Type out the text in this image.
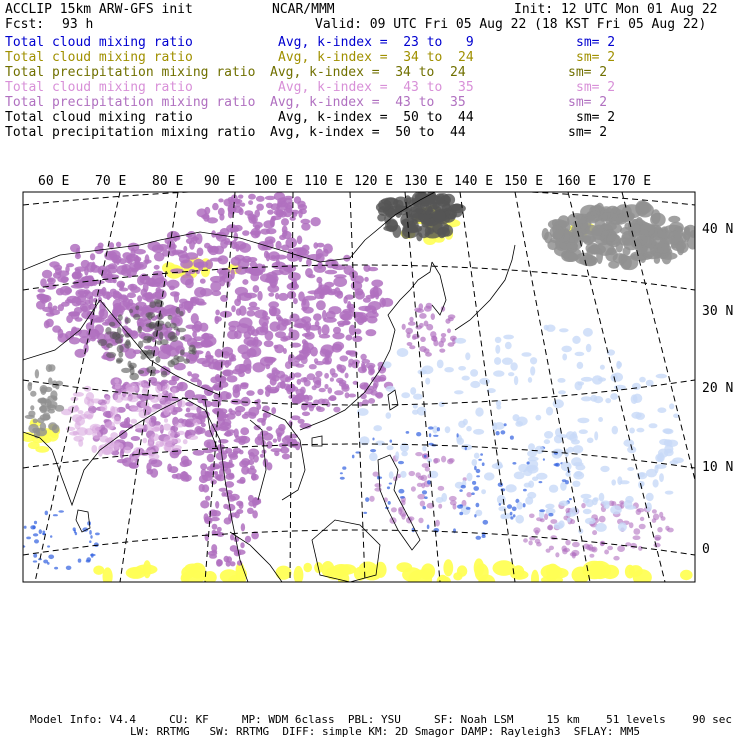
ACCLIP 15km ARW-GFS init	NCAR/MMM	Init: 12 UTC Mon 01 Aug 22
Fcst: 93 h	Valid: 09 UTC Fri 05 Aug 22 (18 KST Fri 05 Aug 22)
Total cloud mixing ratio	Avg, k-index =  23 to   9	sm= 2
Total cloud mixing ratio	Avg, k-index =  34 to  24	sm= 2
Total precipitation mixing ratio Avg, k-index =  34 to  24	sm= 2
Total cloud mixing ratio	Avg, k-index =  43 to  35	sm= 2
Total precipitation mixing ratio Avg, k-index =  43 to  35	sm= 2
Total cloud mixing ratio	Avg, k-index =  50 to  44	sm= 2
Total precipitation mixing ratio Avg, k-index =  50 to  44	sm= 2
60 E 70 E 80 E 90 E 100 E 110 E 120 E 130 E 140 E 150 E 160 E 170 E
40 N
30 N
20 N
10 N
0
Model Info: V4.4     CU: KF     MP: WDM 6class  PBL: YSU     SF: Noah LSM     15 km    51 levels    90 sec
LW: RRTMG   SW: RRTMG  DIFF: simple KM: 2D Smagor DAMP: Rayleigh3  SFLAY: MM5
